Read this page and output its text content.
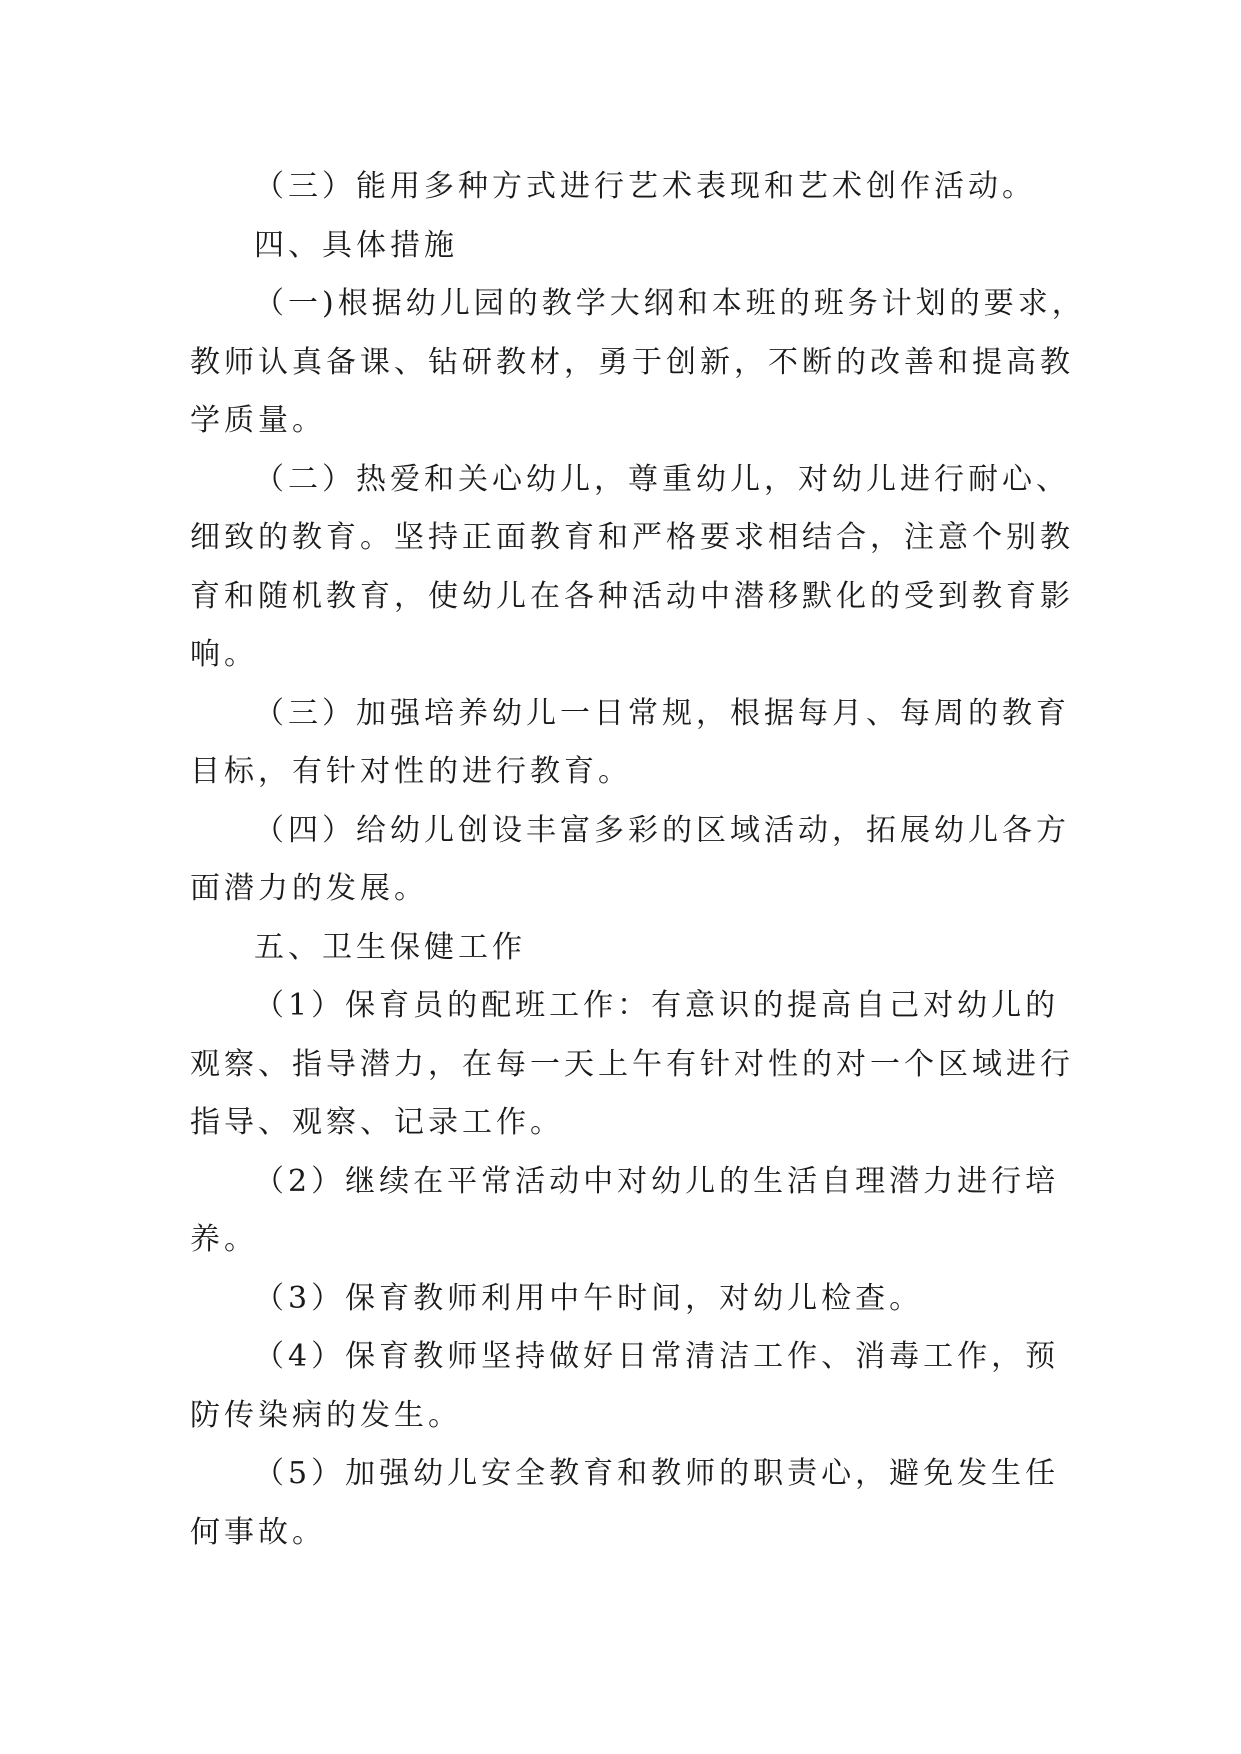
（三）能用多种方式进行艺术表现和艺术创作活动。
四、具体措施
（一)根据幼儿园的教学大纲和本班的班务计划的要求，
教师认真备课、钻研教材，勇于创新，不断的改善和提高教
学质量。
（二）热爱和关心幼儿，尊重幼儿，对幼儿进行耐心、
细致的教育。坚持正面教育和严格要求相结合，注意个别教
育和随机教育，使幼儿在各种活动中潜移默化的受到教育影
响。
（三）加强培养幼儿一日常规，根据每月、每周的教育
目标，有针对性的进行教育。
（四）给幼儿创设丰富多彩的区域活动，拓展幼儿各方
面潜力的发展。
五、卫生保健工作
（1）保育员的配班工作：有意识的提高自己对幼儿的
观察、指导潜力，在每一天上午有针对性的对一个区域进行
指导、观察、记录工作。
（2）继续在平常活动中对幼儿的生活自理潜力进行培
养。
（3）保育教师利用中午时间，对幼儿检查。
（4）保育教师坚持做好日常清洁工作、消毒工作，预
防传染病的发生。
（5）加强幼儿安全教育和教师的职责心，避免发生任
何事故。
